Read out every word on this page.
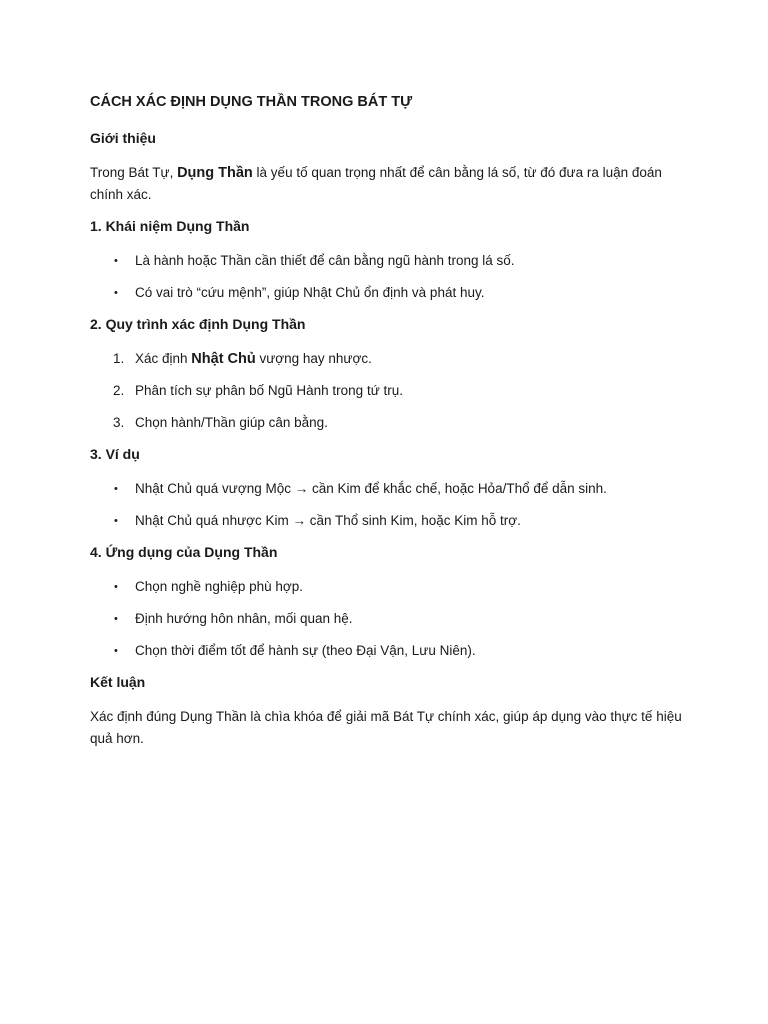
CÁCH XÁC ĐỊNH DỤNG THẦN TRONG BÁT TỰ
Giới thiệu

Trong Bát Tự, Dụng Thần là yếu tố quan trọng nhất để cân bằng lá số, từ đó đưa ra luận đoán chính xác.

1. Khái niệm Dụng Thần
• Là hành hoặc Thần cần thiết để cân bằng ngũ hành trong lá số.
• Có vai trò “cứu mệnh”, giúp Nhật Chủ ổn định và phát huy.
2. Quy trình xác định Dụng Thần
1. Xác định Nhật Chủ vượng hay nhược.
2. Phân tích sự phân bố Ngũ Hành trong tứ trụ.
3. Chọn hành/Thần giúp cân bằng.
3. Ví dụ
• Nhật Chủ quá vượng Mộc → cần Kim để khắc chế, hoặc Hỏa/Thổ để dẫn sinh.
• Nhật Chủ quá nhược Kim → cần Thổ sinh Kim, hoặc Kim hỗ trợ.
4. Ứng dụng của Dụng Thần
• Chọn nghề nghiệp phù hợp.
• Định hướng hôn nhân, mối quan hệ.
• Chọn thời điểm tốt để hành sự (theo Đại Vận, Lưu Niên).
Kết luận

Xác định đúng Dụng Thần là chìa khóa để giải mã Bát Tự chính xác, giúp áp dụng vào thực tế hiệu quả hơn.
